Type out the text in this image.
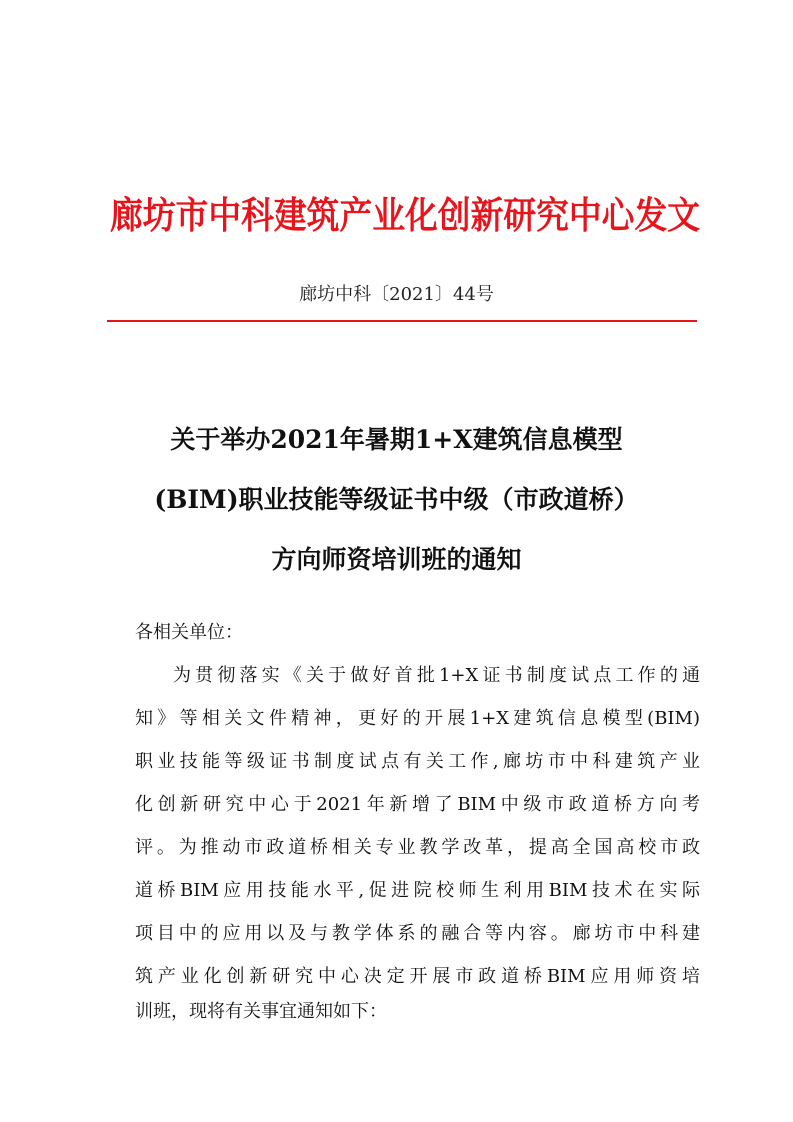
廊坊市中科建筑产业化创新研究中心发文
廊坊中科〔2021〕44号
关于举办2021年暑期1+X建筑信息模型
(BIM)职业技能等级证书中级（市政道桥）
方向师资培训班的通知
各相关单位：
为贯彻落实《关于做好首批1+X证书制度试点工作的通
知》等相关文件精神，更好的开展1+X建筑信息模型(BIM)
职业技能等级证书制度试点有关工作,廊坊市中科建筑产业
化创新研究中心于2021年新增了BIM中级市政道桥方向考
评。为推动市政道桥相关专业教学改革，提高全国高校市政
道桥BIM应用技能水平,促进院校师生利用BIM技术在实际
项目中的应用以及与教学体系的融合等内容。廊坊市中科建
筑产业化创新研究中心决定开展市政道桥BIM应用师资培
训班，现将有关事宜通知如下：
